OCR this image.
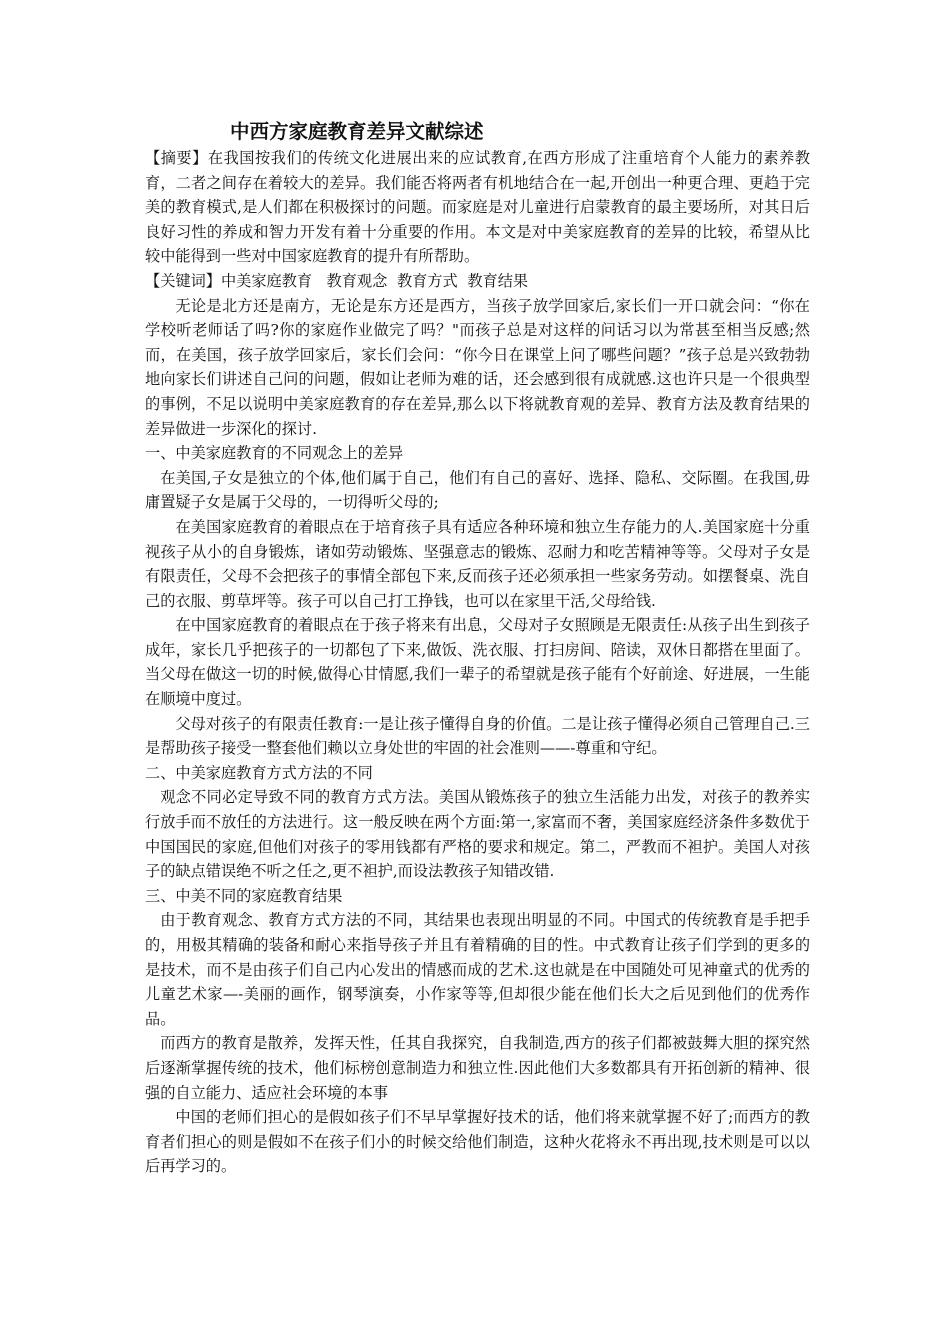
中西方家庭教育差异文献综述

【摘要】在我国按我们的传统文化进展出来的应试教育,在西方形成了注重培育个人能力的素养教育，二者之间存在着较大的差异。我们能否将两者有机地结合在一起,开创出一种更合理、更趋于完美的教育模式,是人们都在积极探讨的问题。而家庭是对儿童进行启蒙教育的最主要场所，对其日后良好习性的养成和智力开发有着十分重要的作用。本文是对中美家庭教育的差异的比较，希望从比较中能得到一些对中国家庭教育的提升有所帮助。

【关键词】中美家庭教育   教育观念  教育方式  教育结果

无论是北方还是南方，无论是东方还是西方，当孩子放学回家后,家长们一开口就会问：“你在学校听老师话了吗?你的家庭作业做完了吗？"而孩子总是对这样的问话习以为常甚至相当反感;然而，在美国，孩子放学回家后，家长们会问：“你今日在课堂上问了哪些问题？”孩子总是兴致勃勃地向家长们讲述自己问的问题，假如让老师为难的话，还会感到很有成就感.这也许只是一个很典型的事例，不足以说明中美家庭教育的存在差异,那么以下将就教育观的差异、教育方法及教育结果的差异做进一步深化的探讨.

一、中美家庭教育的不同观念上的差异

在美国,子女是独立的个体,他们属于自己，他们有自己的喜好、选择、隐私、交际圈。在我国,毋庸置疑子女是属于父母的，一切得听父母的;

在美国家庭教育的着眼点在于培育孩子具有适应各种环境和独立生存能力的人.美国家庭十分重视孩子从小的自身锻炼，诸如劳动锻炼、坚强意志的锻炼、忍耐力和吃苦精神等等。父母对子女是有限责任，父母不会把孩子的事情全部包下来,反而孩子还必须承担一些家务劳动。如摆餐桌、洗自己的衣服、剪草坪等。孩子可以自己打工挣钱，也可以在家里干活,父母给钱.

在中国家庭教育的着眼点在于孩子将来有出息，父母对子女照顾是无限责任:从孩子出生到孩子成年，家长几乎把孩子的一切都包了下来,做饭、洗衣服、打扫房间、陪读，双休日都搭在里面了。当父母在做这一切的时候,做得心甘情愿,我们一辈子的希望就是孩子能有个好前途、好进展，一生能在顺境中度过。

父母对孩子的有限责任教育:一是让孩子懂得自身的价值。二是让孩子懂得必须自己管理自己.三是帮助孩子接受一整套他们赖以立身处世的牢固的社会准则——-尊重和守纪。

二、中美家庭教育方式方法的不同

观念不同必定导致不同的教育方式方法。美国从锻炼孩子的独立生活能力出发，对孩子的教养实行放手而不放任的方法进行。这一般反映在两个方面:第一,家富而不奢，美国家庭经济条件多数优于中国国民的家庭,但他们对孩子的零用钱都有严格的要求和规定。第二，严教而不袒护。美国人对孩子的缺点错误绝不听之任之,更不袒护,而设法教孩子知错改错.

三、中美不同的家庭教育结果

由于教育观念、教育方式方法的不同，其结果也表现出明显的不同。中国式的传统教育是手把手的，用极其精确的装备和耐心来指导孩子并且有着精确的目的性。中式教育让孩子们学到的更多的是技术，而不是由孩子们自己内心发出的情感而成的艺术.这也就是在中国随处可见神童式的优秀的儿童艺术家—-美丽的画作，钢琴演奏，小作家等等,但却很少能在他们长大之后见到他们的优秀作品。

而西方的教育是散养，发挥天性，任其自我探究，自我制造,西方的孩子们都被鼓舞大胆的探究然后逐渐掌握传统的技术，他们标榜创意制造力和独立性.因此他们大多数都具有开拓创新的精神、很强的自立能力、适应社会环境的本事

中国的老师们担心的是假如孩子们不早早掌握好技术的话，他们将来就掌握不好了;而西方的教育者们担心的则是假如不在孩子们小的时候交给他们制造，这种火花将永不再出现,技术则是可以以后再学习的。
